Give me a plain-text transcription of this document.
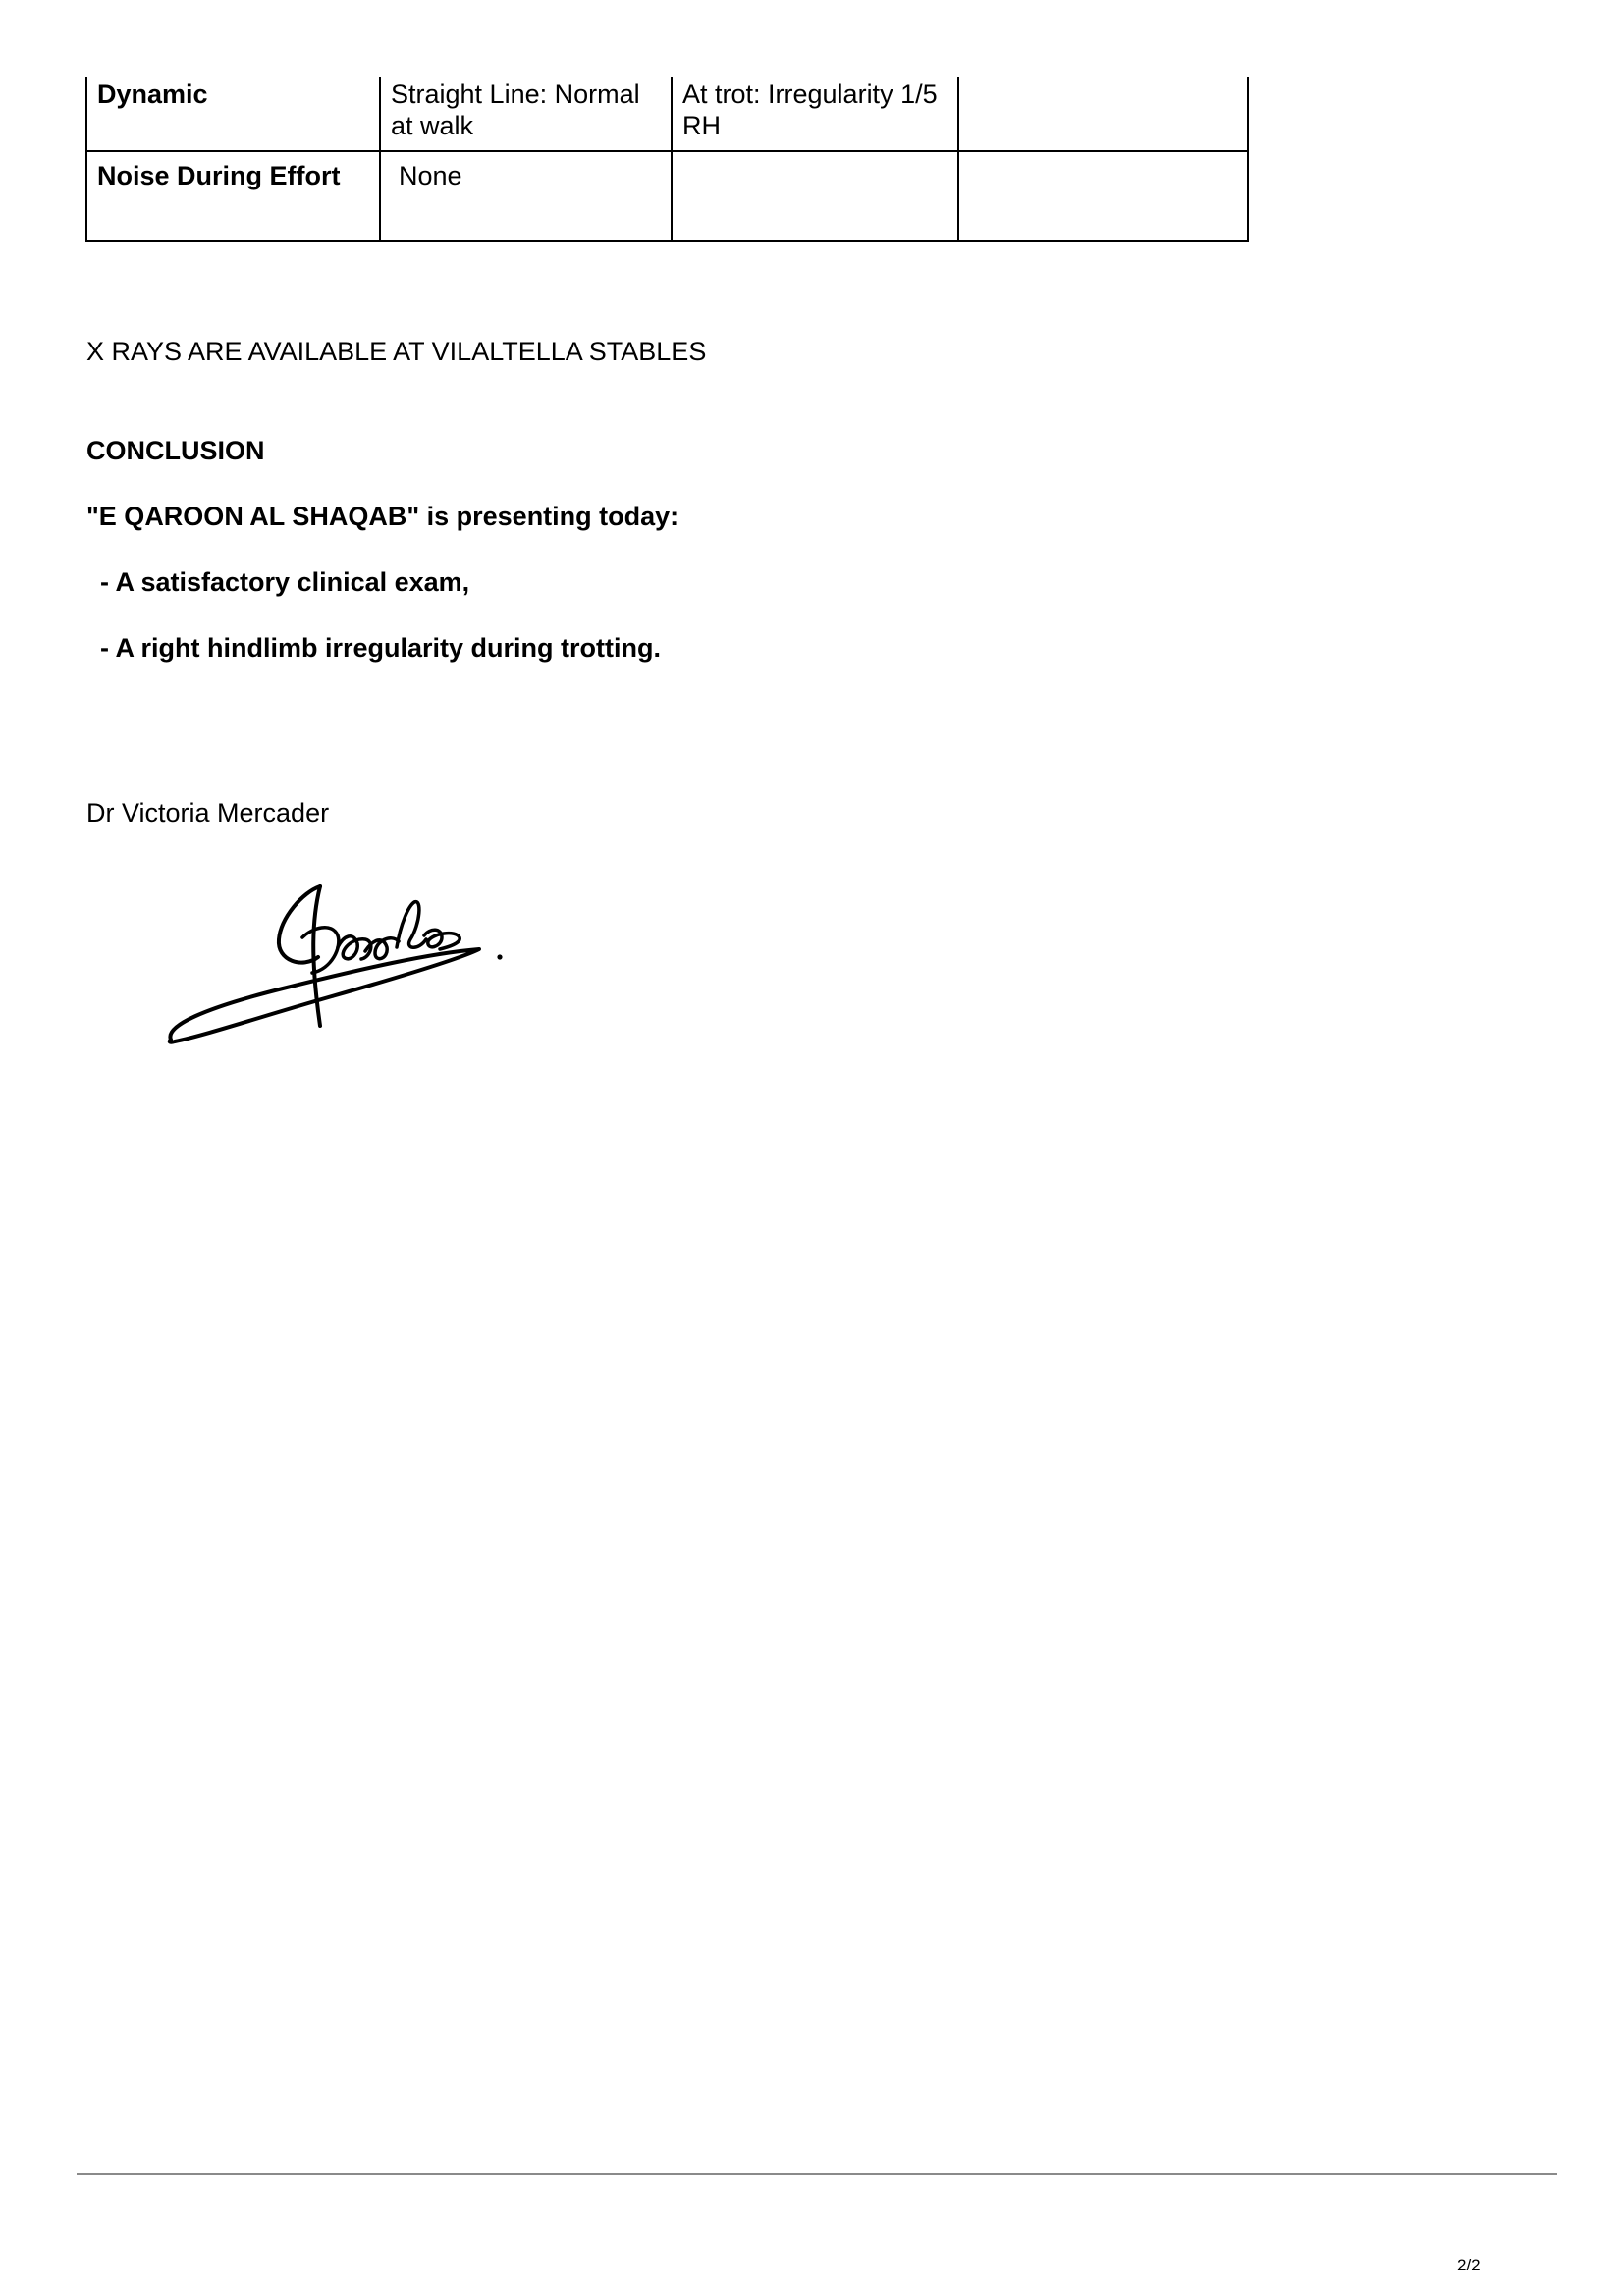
Dynamic	Straight Line: Normal at walk	At trot: Irregularity 1/5 RH	
Noise During Effort	None		
X RAYS ARE AVAILABLE AT VILALTELLA STABLES
CONCLUSION
"E QAROON AL SHAQAB" is presenting today:
- A satisfactory clinical exam,
- A right hindlimb irregularity during trotting.
Dr Victoria Mercader
2/2
